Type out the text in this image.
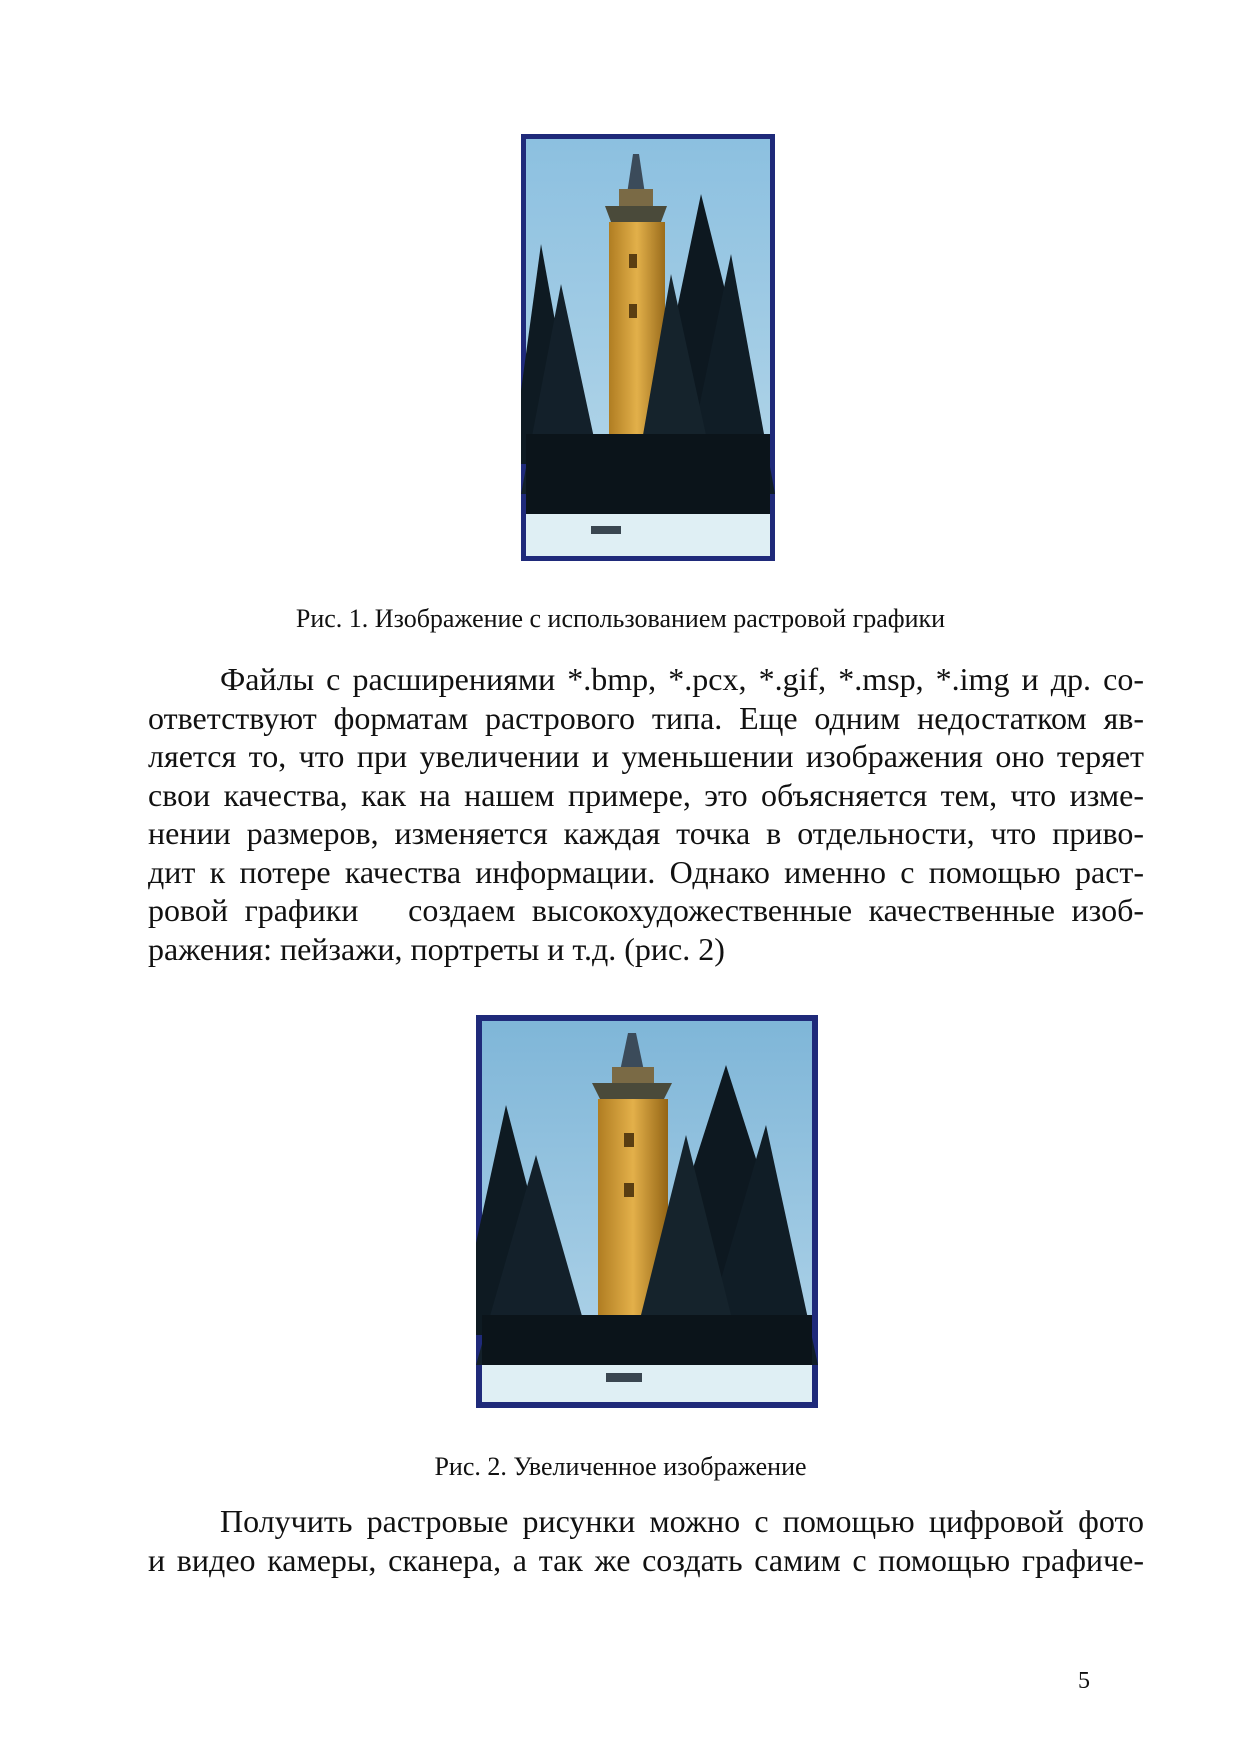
Рис. 1. Изображение с использованием растровой графики
Файлы с расширениями *.bmp, *.pcx, *.gif, *.msp, *.img и др. со-
ответствуют форматам растрового типа. Еще одним недостатком яв-
ляется то, что при увеличении и уменьшении изображения оно теряет
свои качества, как на нашем примере, это объясняется тем, что изме-
нении размеров, изменяется каждая точка в отдельности, что приво-
дит к потере качества информации. Однако именно с помощью раст-
ровой графики   создаем высокохудожественные качественные изоб-
ражения: пейзажи, портреты и т.д. (рис. 2)
Рис. 2. Увеличенное изображение
Получить растровые рисунки можно с помощью цифровой фото
и видео камеры, сканера, а так же создать самим с помощью графиче-
5
